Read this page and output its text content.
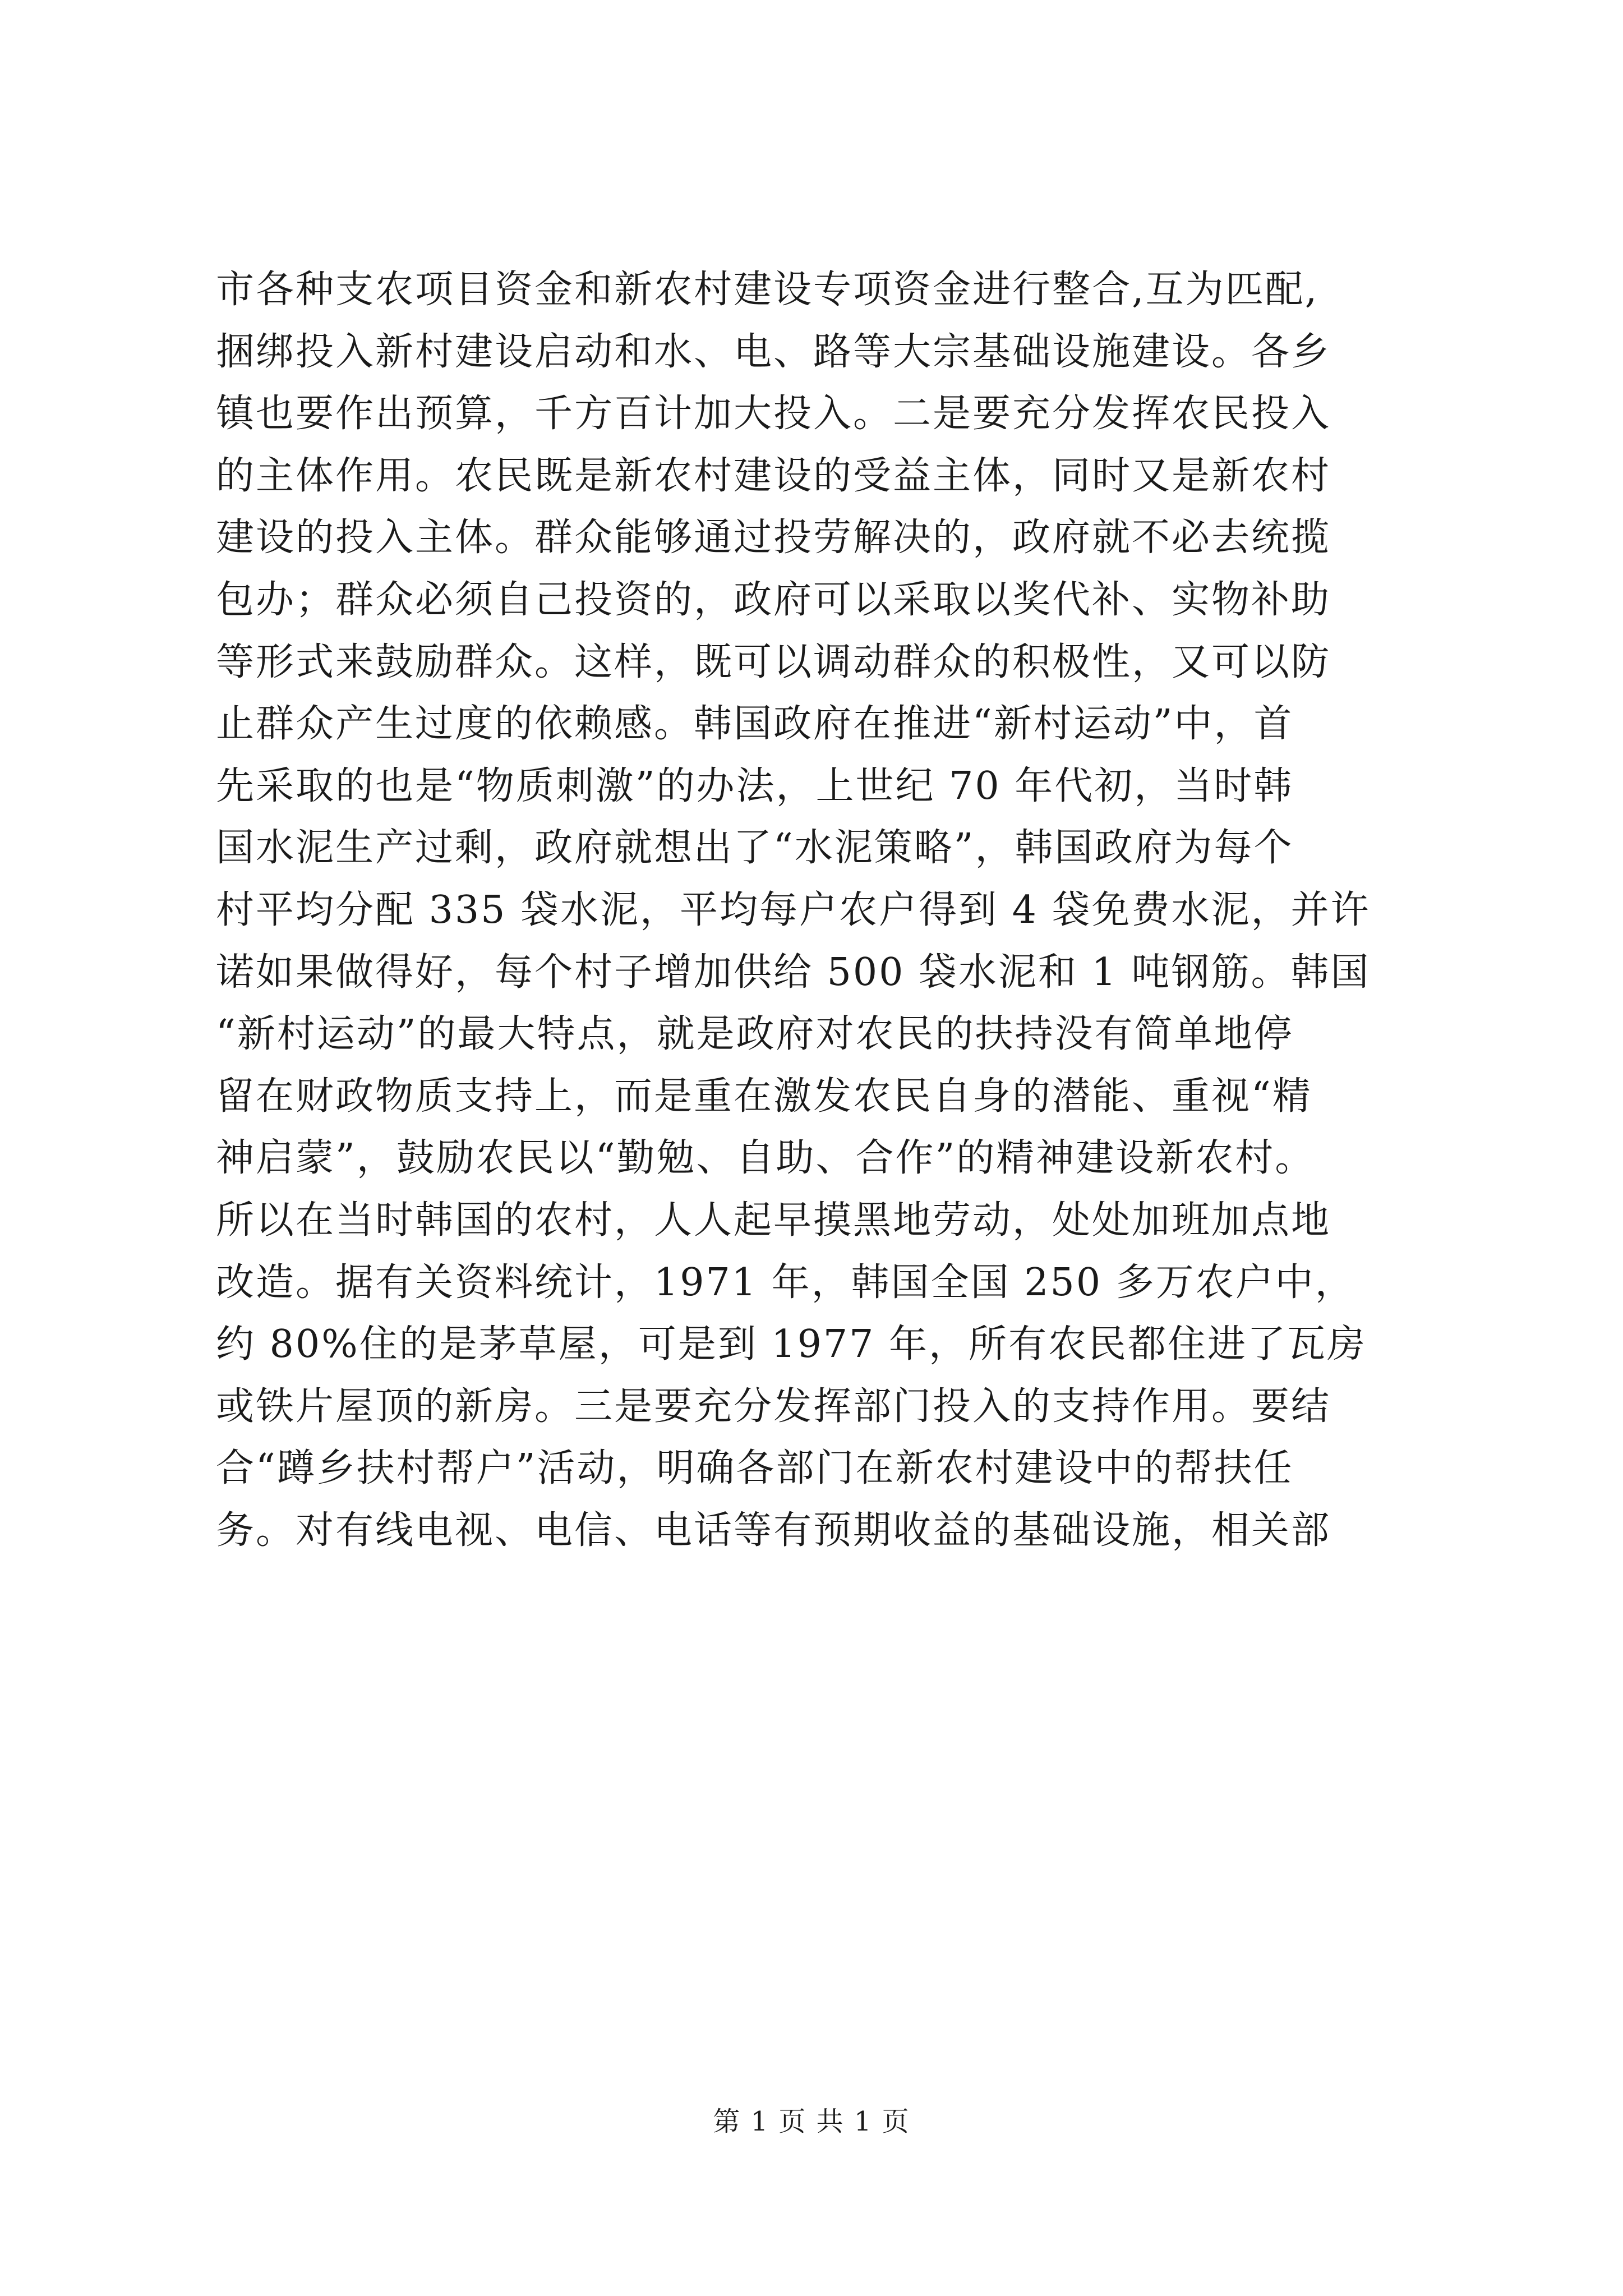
市各种支农项目资金和新农村建设专项资金进行整合,互为匹配,
捆绑投入新村建设启动和水、电、路等大宗基础设施建设。各乡
镇也要作出预算，千方百计加大投入。二是要充分发挥农民投入
的主体作用。农民既是新农村建设的受益主体，同时又是新农村
建设的投入主体。群众能够通过投劳解决的，政府就不必去统揽
包办；群众必须自己投资的，政府可以采取以奖代补、实物补助
等形式来鼓励群众。这样，既可以调动群众的积极性，又可以防
止群众产生过度的依赖感。韩国政府在推进“新村运动”中，首
先采取的也是“物质刺激”的办法，上世纪 70 年代初，当时韩
国水泥生产过剩，政府就想出了“水泥策略”，韩国政府为每个
村平均分配 335 袋水泥，平均每户农户得到 4 袋免费水泥，并许
诺如果做得好，每个村子增加供给 500 袋水泥和 1 吨钢筋。韩国
“新村运动”的最大特点，就是政府对农民的扶持没有简单地停
留在财政物质支持上，而是重在激发农民自身的潜能、重视“精
神启蒙”，鼓励农民以“勤勉、自助、合作”的精神建设新农村。
所以在当时韩国的农村，人人起早摸黑地劳动，处处加班加点地
改造。据有关资料统计，1971 年，韩国全国 250 多万农户中，
约 80%住的是茅草屋，可是到 1977 年，所有农民都住进了瓦房
或铁片屋顶的新房。三是要充分发挥部门投入的支持作用。要结
合“蹲乡扶村帮户”活动，明确各部门在新农村建设中的帮扶任
务。对有线电视、电信、电话等有预期收益的基础设施，相关部
第 1 页 共 1 页
